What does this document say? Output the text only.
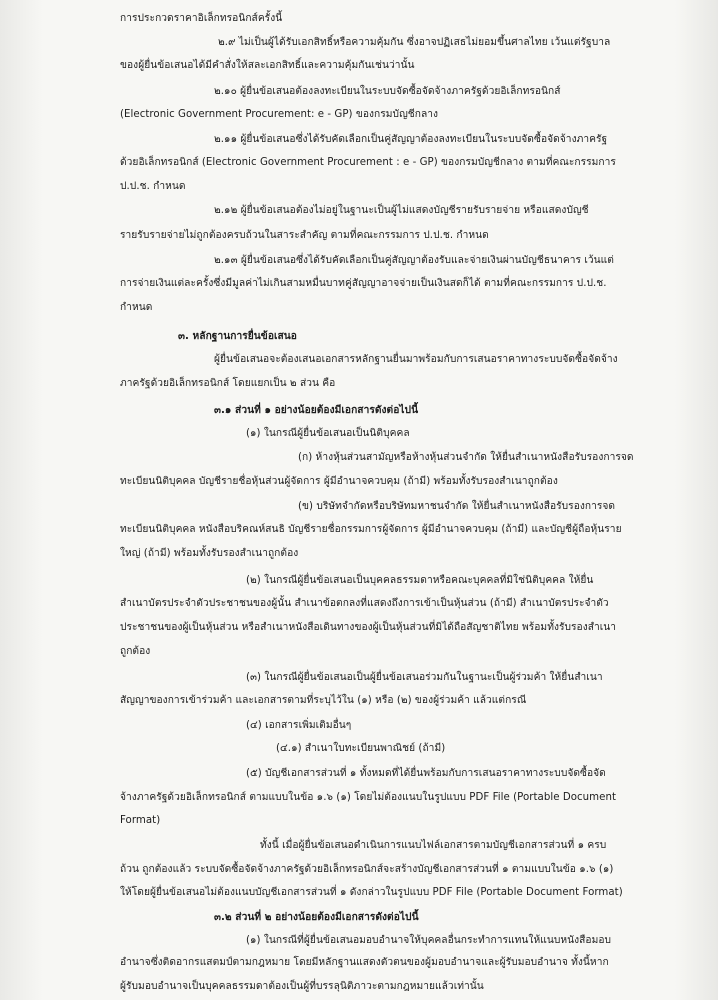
การประกวดราคาอิเล็กทรอนิกส์ครั้งนี้
๒.๙ ไม่เป็นผู้ได้รับเอกสิทธิ์หรือความคุ้มกัน ซึ่งอาจปฏิเสธไม่ยอมขึ้นศาลไทย เว้นแต่รัฐบาล
ของผู้ยื่นข้อเสนอได้มีคำสั่งให้สละเอกสิทธิ์และความคุ้มกันเช่นว่านั้น
๒.๑๐ ผู้ยื่นข้อเสนอต้องลงทะเบียนในระบบจัดซื้อจัดจ้างภาครัฐด้วยอิเล็กทรอนิกส์
(Electronic Government Procurement: e - GP) ของกรมบัญชีกลาง
๒.๑๑ ผู้ยื่นข้อเสนอซึ่งได้รับคัดเลือกเป็นคู่สัญญาต้องลงทะเบียนในระบบจัดซื้อจัดจ้างภาครัฐ
ด้วยอิเล็กทรอนิกส์ (Electronic Government Procurement : e - GP) ของกรมบัญชีกลาง ตามที่คณะกรรมการ
ป.ป.ช. กำหนด
๒.๑๒ ผู้ยื่นข้อเสนอต้องไม่อยู่ในฐานะเป็นผู้ไม่แสดงบัญชีรายรับรายจ่าย หรือแสดงบัญชี
รายรับรายจ่ายไม่ถูกต้องครบถ้วนในสาระสำคัญ ตามที่คณะกรรมการ ป.ป.ช. กำหนด
๒.๑๓ ผู้ยื่นข้อเสนอซึ่งได้รับคัดเลือกเป็นคู่สัญญาต้องรับและจ่ายเงินผ่านบัญชีธนาคาร เว้นแต่
การจ่ายเงินแต่ละครั้งซึ่งมีมูลค่าไม่เกินสามหมื่นบาทคู่สัญญาอาจจ่ายเป็นเงินสดก็ได้ ตามที่คณะกรรมการ ป.ป.ช.
กำหนด
๓. หลักฐานการยื่นข้อเสนอ
ผู้ยื่นข้อเสนอจะต้องเสนอเอกสารหลักฐานยื่นมาพร้อมกับการเสนอราคาทางระบบจัดซื้อจัดจ้าง
ภาครัฐด้วยอิเล็กทรอนิกส์ โดยแยกเป็น ๒ ส่วน คือ
๓.๑ ส่วนที่ ๑ อย่างน้อยต้องมีเอกสารดังต่อไปนี้
(๑) ในกรณีผู้ยื่นข้อเสนอเป็นนิติบุคคล
(ก) ห้างหุ้นส่วนสามัญหรือห้างหุ้นส่วนจำกัด ให้ยื่นสำเนาหนังสือรับรองการจด
ทะเบียนนิติบุคคล บัญชีรายชื่อหุ้นส่วนผู้จัดการ ผู้มีอำนาจควบคุม (ถ้ามี) พร้อมทั้งรับรองสำเนาถูกต้อง
(ข) บริษัทจำกัดหรือบริษัทมหาชนจำกัด ให้ยื่นสำเนาหนังสือรับรองการจด
ทะเบียนนิติบุคคล หนังสือบริคณห์สนธิ บัญชีรายชื่อกรรมการผู้จัดการ ผู้มีอำนาจควบคุม (ถ้ามี) และบัญชีผู้ถือหุ้นราย
ใหญ่ (ถ้ามี) พร้อมทั้งรับรองสำเนาถูกต้อง
(๒) ในกรณีผู้ยื่นข้อเสนอเป็นบุคคลธรรมดาหรือคณะบุคคลที่มิใช่นิติบุคคล ให้ยื่น
สำเนาบัตรประจำตัวประชาชนของผู้นั้น สำเนาข้อตกลงที่แสดงถึงการเข้าเป็นหุ้นส่วน (ถ้ามี) สำเนาบัตรประจำตัว
ประชาชนของผู้เป็นหุ้นส่วน หรือสำเนาหนังสือเดินทางของผู้เป็นหุ้นส่วนที่มิได้ถือสัญชาติไทย พร้อมทั้งรับรองสำเนา
ถูกต้อง
(๓) ในกรณีผู้ยื่นข้อเสนอเป็นผู้ยื่นข้อเสนอร่วมกันในฐานะเป็นผู้ร่วมค้า ให้ยื่นสำเนา
สัญญาของการเข้าร่วมค้า และเอกสารตามที่ระบุไว้ใน (๑) หรือ (๒) ของผู้ร่วมค้า แล้วแต่กรณี
(๔) เอกสารเพิ่มเติมอื่นๆ
(๔.๑) สำเนาใบทะเบียนพาณิชย์ (ถ้ามี)
(๕) บัญชีเอกสารส่วนที่ ๑ ทั้งหมดที่ได้ยื่นพร้อมกับการเสนอราคาทางระบบจัดซื้อจัด
จ้างภาครัฐด้วยอิเล็กทรอนิกส์ ตามแบบในข้อ ๑.๖ (๑) โดยไม่ต้องแนบในรูปแบบ PDF File (Portable Document
Format)
ทั้งนี้ เมื่อผู้ยื่นข้อเสนอดำเนินการแนบไฟล์เอกสารตามบัญชีเอกสารส่วนที่ ๑ ครบ
ถ้วน ถูกต้องแล้ว ระบบจัดซื้อจัดจ้างภาครัฐด้วยอิเล็กทรอนิกส์จะสร้างบัญชีเอกสารส่วนที่ ๑ ตามแบบในข้อ ๑.๖ (๑)
ให้โดยผู้ยื่นข้อเสนอไม่ต้องแนบบัญชีเอกสารส่วนที่ ๑ ดังกล่าวในรูปแบบ PDF File (Portable Document Format)
๓.๒ ส่วนที่ ๒ อย่างน้อยต้องมีเอกสารดังต่อไปนี้
(๑) ในกรณีที่ผู้ยื่นข้อเสนอมอบอำนาจให้บุคคลอื่นกระทำการแทนให้แนบหนังสือมอบ
อำนาจซึ่งติดอากรแสตมป์ตามกฎหมาย โดยมีหลักฐานแสดงตัวตนของผู้มอบอำนาจและผู้รับมอบอำนาจ ทั้งนี้หาก
ผู้รับมอบอำนาจเป็นบุคคลธรรมดาต้องเป็นผู้ที่บรรลุนิติภาวะตามกฎหมายแล้วเท่านั้น
